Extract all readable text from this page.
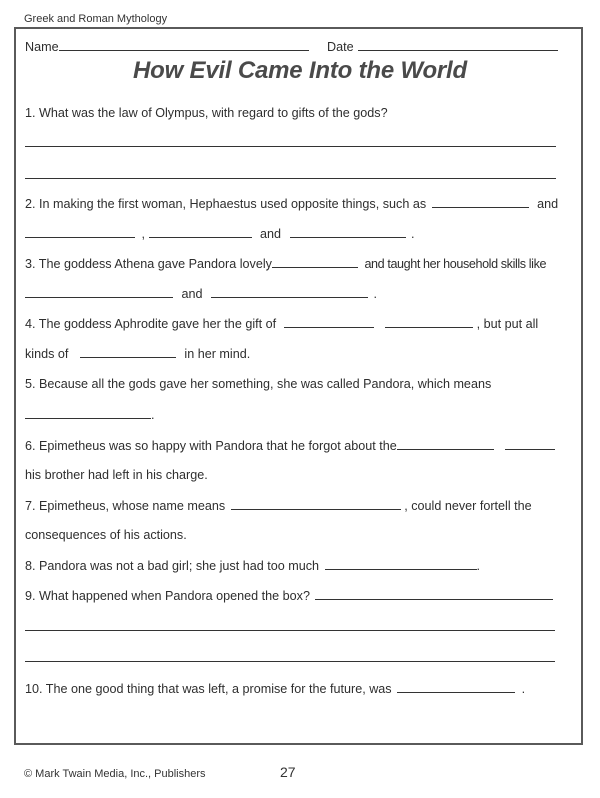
Greek and Roman Mythology
Name	Date
How Evil Came Into the World
1. What was the law of Olympus, with regard to gifts of the gods?
2. In making the first woman, Hephaestus used opposite things, such as	and
,	and	.
3. The goddess Athena gave Pandora lovely	and taught her household skills like
and	.
4. The goddess Aphrodite gave her the gift of	, but put all
kinds of	in her mind.
5. Because all the gods gave her something, she was called Pandora, which means
.
6. Epimetheus was so happy with Pandora that he forgot about the
his brother had left in his charge.
7. Epimetheus, whose name means	, could never fortell the
consequences of his actions.
8. Pandora was not a bad girl; she just had too much	.
9. What happened when Pandora opened the box?
10. The one good thing that was left, a promise for the future, was	.
© Mark Twain Media, Inc., Publishers	27
